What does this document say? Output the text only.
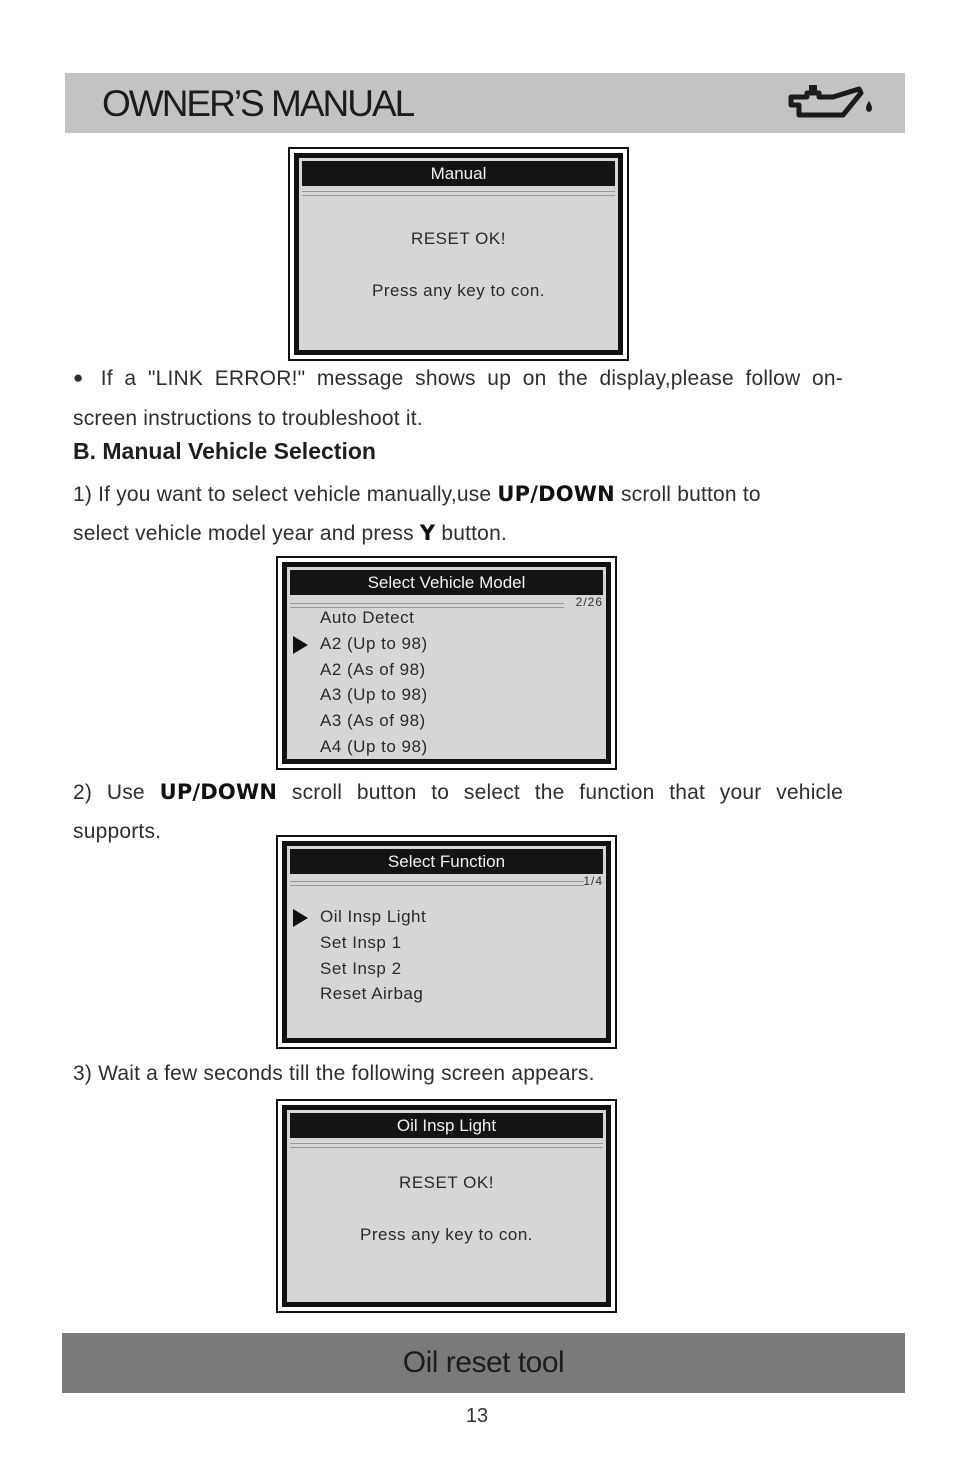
OWNER’S MANUAL
Manual
RESET OK!
Press any key to con.
● If a "LINK ERROR!" message shows up on the display,please follow on-
screen instructions to troubleshoot it.
B. Manual Vehicle Selection
1) If you want to select vehicle manually,use UP/DOWN scroll button to
select vehicle model year and press Y button.
Select Vehicle Model
2/26
Auto Detect
A2 (Up to 98)
A2 (As of 98)
A3 (Up to 98)
A3 (As of 98)
A4 (Up to 98)
2) Use UP/DOWN scroll button to select the function that your vehicle
supports.
Select Function
1/4
Oil Insp Light
Set Insp 1
Set Insp 2
Reset Airbag
3) Wait a few seconds till the following screen appears.
Oil Insp Light
RESET OK!
Press any key to con.
Oil reset tool
13
